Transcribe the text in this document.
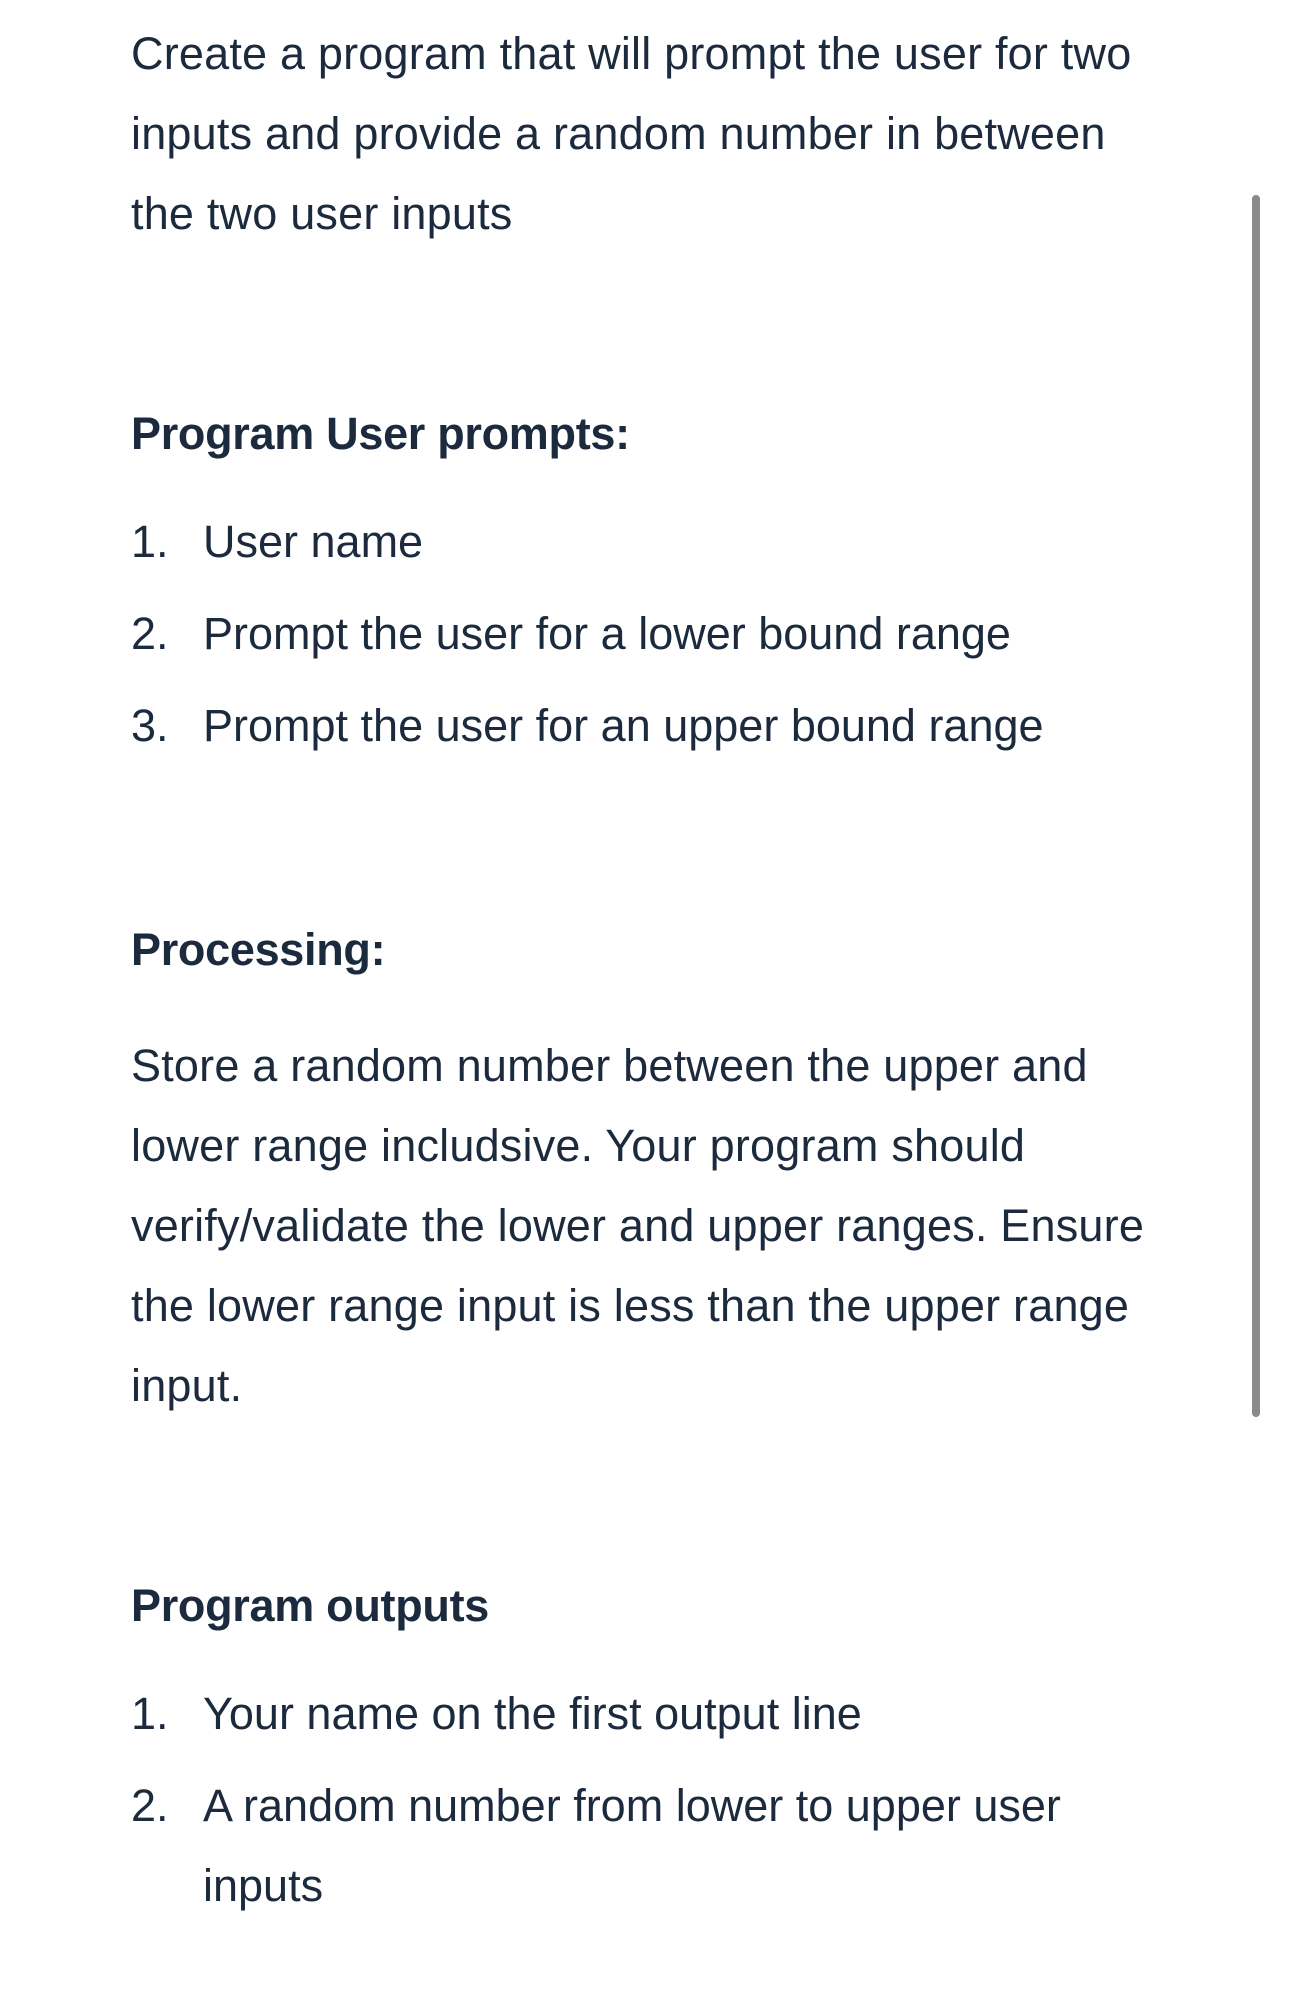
Create a program that will prompt the user for two inputs and provide a random number in between the two user inputs

Program User prompts:
1. User name
2. Prompt the user for a lower bound range
3. Prompt the user for an upper bound range
Processing:

Store a random number between the upper and lower range includsive. Your program should verify/validate the lower and upper ranges. Ensure the lower range input is less than the upper range input.

Program outputs
1. Your name on the first output line
2. A random number from lower to upper user inputs
